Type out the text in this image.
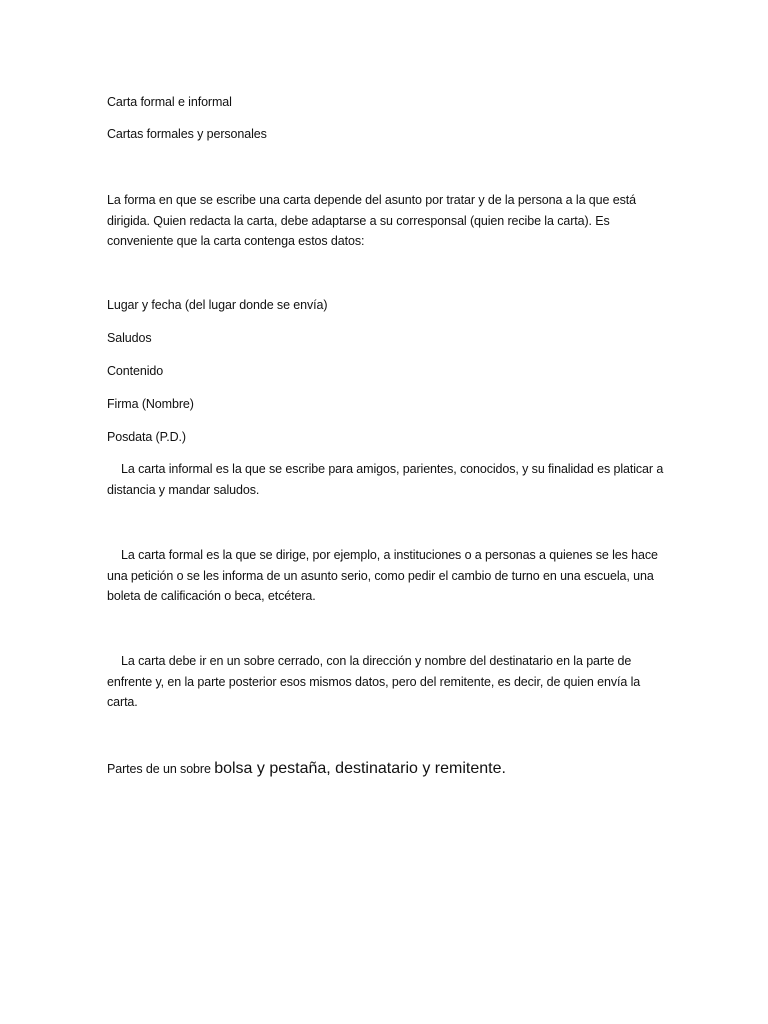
Carta formal e informal
Cartas formales y personales
La forma en que se escribe una carta depende del asunto por tratar y de la persona a la que está dirigida. Quien redacta la carta, debe adaptarse a su corresponsal (quien recibe la carta). Es conveniente que la carta contenga estos datos:
Lugar y fecha (del lugar donde se envía)
Saludos
Contenido
Firma (Nombre)
Posdata (P.D.)
La carta informal es la que se escribe para amigos, parientes, conocidos, y su finalidad es platicar a distancia y mandar saludos.
La carta formal es la que se dirige, por ejemplo, a instituciones o a personas a quienes se les hace una petición o se les informa de un asunto serio, como pedir el cambio de turno en una escuela, una boleta de calificación o beca, etcétera.
La carta debe ir en un sobre cerrado, con la dirección y nombre del destinatario en la parte de enfrente y, en la parte posterior esos mismos datos, pero del remitente, es decir, de quien envía la carta.
Partes de un sobre bolsa y pestaña, destinatario y remitente.
